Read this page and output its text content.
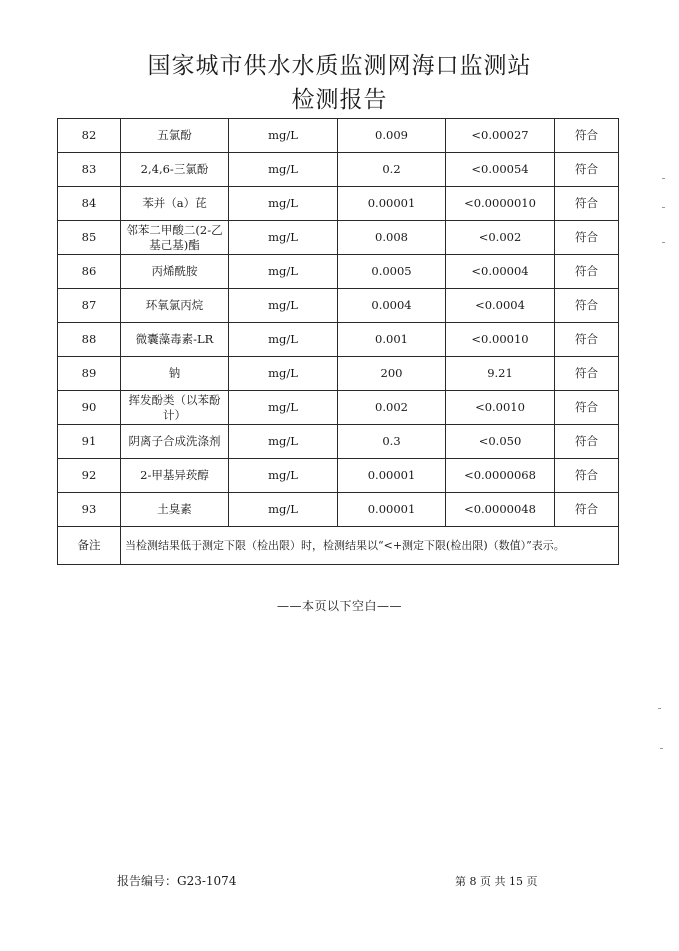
国家城市供水水质监测网海口监测站
检测报告
82	五氯酚	mg/L	0.009	<0.00027	符合
83	2,4,6-三氯酚	mg/L	0.2	<0.00054	符合
84	苯并（a）芘	mg/L	0.00001	<0.0000010	符合
85	邻苯二甲酸二(2-乙基己基)酯	mg/L	0.008	<0.002	符合
86	丙烯酰胺	mg/L	0.0005	<0.00004	符合
87	环氧氯丙烷	mg/L	0.0004	<0.0004	符合
88	微囊藻毒素-LR	mg/L	0.001	<0.00010	符合
89	钠	mg/L	200	9.21	符合
90	挥发酚类（以苯酚计）	mg/L	0.002	<0.0010	符合
91	阴离子合成洗涤剂	mg/L	0.3	<0.050	符合
92	2-甲基异莰醇	mg/L	0.00001	<0.0000068	符合
93	土臭素	mg/L	0.00001	<0.0000048	符合
备注	当检测结果低于测定下限（检出限）时，检测结果以“<+测定下限(检出限)（数值）”表示。				
——本页以下空白——
报告编号：G23-1074	第 8 页 共 15 页
